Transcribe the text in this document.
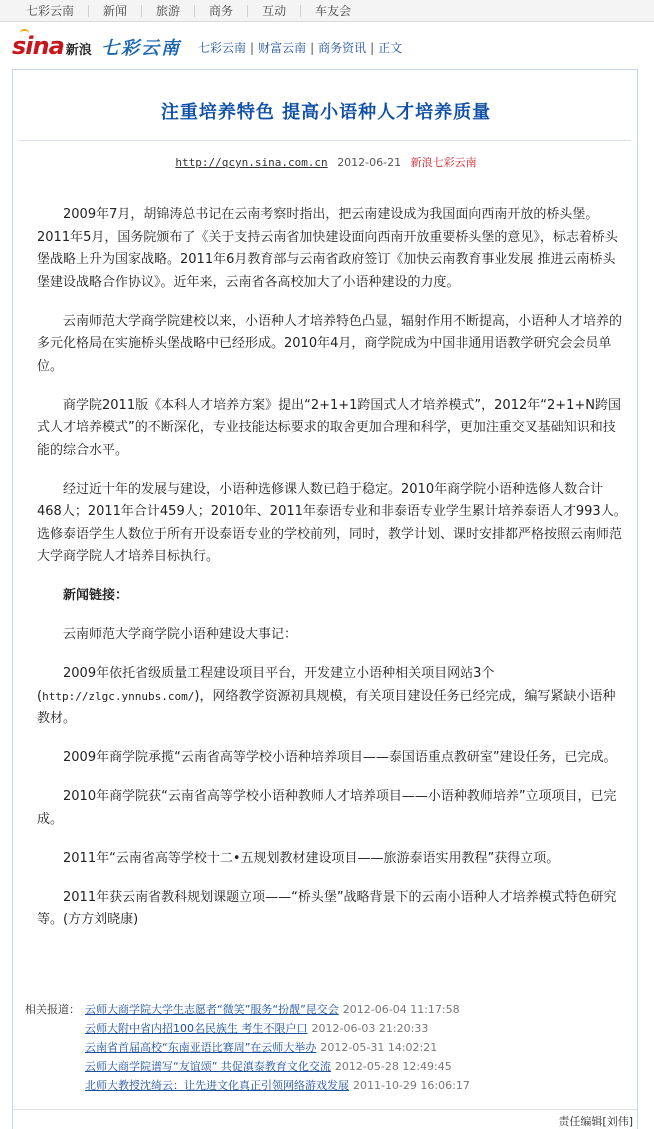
七彩云南	新闻	旅游	商务	互动	车友会
sina 新浪 七彩云南 七彩云南 | 财富云南 | 商务资讯 | 正文
注重培养特色 提高小语种人才培养质量
http://qcyn.sina.com.cn 2012-06-21 新浪七彩云南

2009年7月，胡锦涛总书记在云南考察时指出，把云南建设成为我国面向西南开放的桥头堡。2011年5月，国务院颁布了《关于支持云南省加快建设面向西南开放重要桥头堡的意见》，标志着桥头堡战略上升为国家战略。2011年6月教育部与云南省政府签订《加快云南教育事业发展 推进云南桥头堡建设战略合作协议》。近年来，云南省各高校加大了小语种建设的力度。

云南师范大学商学院建校以来，小语种人才培养特色凸显，辐射作用不断提高，小语种人才培养的多元化格局在实施桥头堡战略中已经形成。2010年4月，商学院成为中国非通用语教学研究会会员单位。

商学院2011版《本科人才培养方案》提出“2+1+1跨国式人才培养模式”，2012年“2+1+N跨国式人才培养模式”的不断深化，专业技能达标要求的取舍更加合理和科学，更加注重交叉基础知识和技能的综合水平。

经过近十年的发展与建设，小语种选修课人数已趋于稳定。2010年商学院小语种选修人数合计468人；2011年合计459人；2010年、2011年泰语专业和非泰语专业学生累计培养泰语人才993人。选修泰语学生人数位于所有开设泰语专业的学校前列，同时，教学计划、课时安排都严格按照云南师范大学商学院人才培养目标执行。

新闻链接：

云南师范大学商学院小语种建设大事记：

2009年依托省级质量工程建设项目平台，开发建立小语种相关项目网站3个(http://zlgc.ynnubs.com/)，网络教学资源初具规模，有关项目建设任务已经完成，编写紧缺小语种教材。

2009年商学院承揽“云南省高等学校小语种培养项目——泰国语重点教研室”建设任务，已完成。

2010年商学院获“云南省高等学校小语种教师人才培养项目——小语种教师培养”立项项目，已完成。

2011年“云南省高等学校十二•五规划教材建设项目——旅游泰语实用教程”获得立项。

2011年获云南省教科规划课题立项——“桥头堡”战略背景下的云南小语种人才培养模式特色研究等。(方方刘晓康)

相关报道： 云师大商学院大学生志愿者“微笑”服务“扮靓”昆交会 2012-06-04 11:17:58
云师大附中省内招100名民族生 考生不限户口 2012-06-03 21:20:33
云南省首届高校“东南亚语比赛周”在云师大举办 2012-05-31 14:02:21
云师大商学院谱写“友谊颂” 共促滇泰教育文化交流 2012-05-28 12:49:45
北师大教授沈绮云：让先进文化真正引领网络游戏发展 2011-10-29 16:06:17
责任编辑[刘伟]
